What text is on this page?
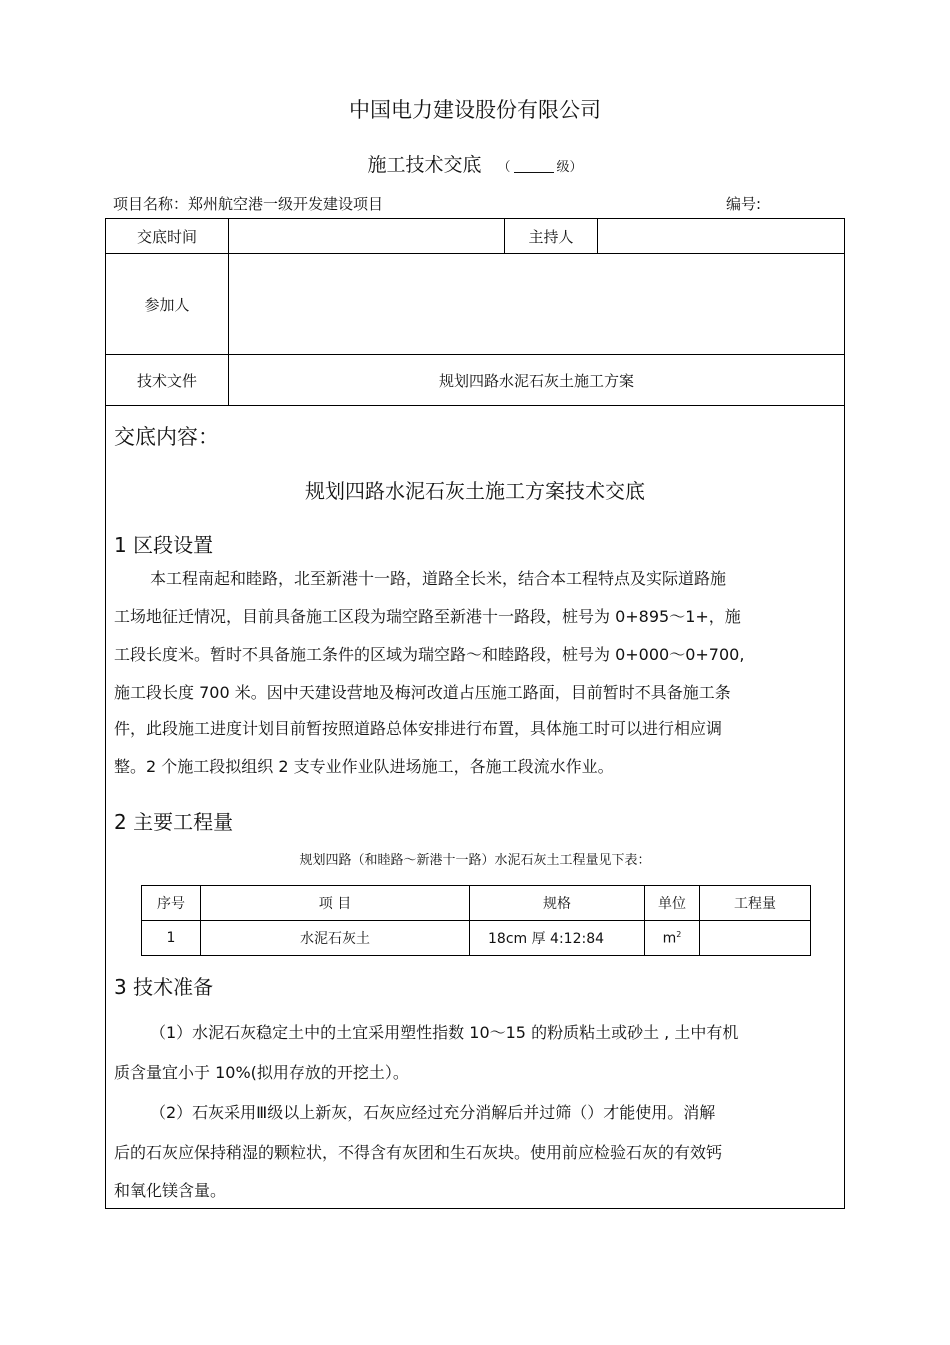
中国电力建设股份有限公司
施工技术交底 （	级）
项目名称：郑州航空港一级开发建设项目	编号:
交底时间	主持人
参加人
技术文件	规划四路水泥石灰土施工方案
交底内容：
规划四路水泥石灰土施工方案技术交底
1 区段设置
本工程南起和睦路，北至新港十一路，道路全长米，结合本工程特点及实际道路施
工场地征迁情况，目前具备施工区段为瑞空路至新港十一路段，桩号为 0+895～1+，施
工段长度米。暂时不具备施工条件的区域为瑞空路～和睦路段，桩号为 0+000～0+700,
施工段长度 700 米。因中天建设营地及梅河改道占压施工路面，目前暂时不具备施工条
件，此段施工进度计划目前暂按照道路总体安排进行布置，具体施工时可以进行相应调
整。2 个施工段拟组织 2 支专业作业队进场施工，各施工段流水作业。
2 主要工程量
规划四路（和睦路～新港十一路）水泥石灰土工程量见下表：
序号	项 目	规格	单位	工程量
1	水泥石灰土	18cm 厚 4:12:84	$m^2$	
3 技术准备
（1）水泥石灰稳定土中的土宜采用塑性指数 10～15 的粉质粘土或砂土 , 土中有机
质含量宜小于 10%(拟用存放的开挖土）。
（2）石灰采用Ⅲ级以上新灰，石灰应经过充分消解后并过筛（）才能使用。消解
后的石灰应保持稍湿的颗粒状，不得含有灰团和生石灰块。使用前应检验石灰的有效钙
和氧化镁含量。
